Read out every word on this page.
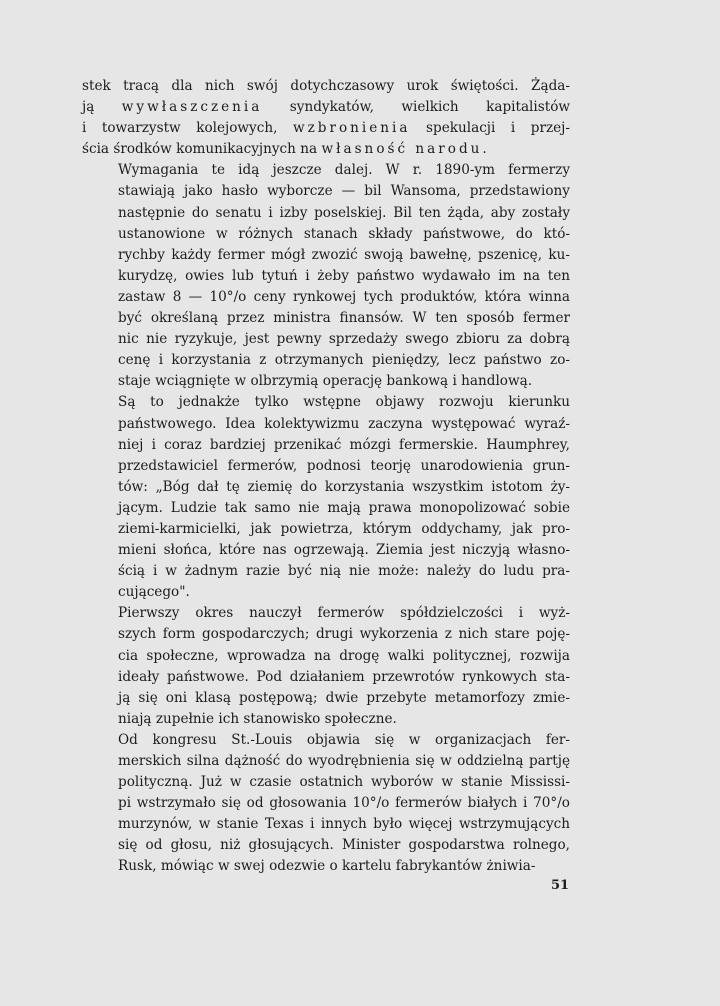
stek tracą dla nich swój dotychczasowy urok świętości. Żąda-
ją wywłaszczenia syndykatów, wielkich kapitalistów
i towarzystw kolejowych, wzbronienia spekulacji i przej-
ścia środków komunikacyjnych na własność narodu.
Wymagania te idą jeszcze dalej. W r. 1890-ym fermerzy
stawiają jako hasło wyborcze — bil Wansoma, przedstawiony
następnie do senatu i izby poselskiej. Bil ten żąda, aby zostały
ustanowione w różnych stanach składy państwowe, do któ-
rychby każdy fermer mógł zwozić swoją bawełnę, pszenicę, ku-
kurydzę, owies lub tytuń i żeby państwo wydawało im na ten
zastaw 8 — 10°/o ceny rynkowej tych produktów, która winna
być określaną przez ministra finansów. W ten sposób fermer
nic nie ryzykuje, jest pewny sprzedaży swego zbioru za dobrą
cenę i korzystania z otrzymanych pieniędzy, lecz państwo zo-
staje wciągnięte w olbrzymią operację bankową i handlową.
Są to jednakże tylko wstępne objawy rozwoju kierunku
państwowego. Idea kolektywizmu zaczyna występować wyraź-
niej i coraz bardziej przenikać mózgi fermerskie. Haumphrey,
przedstawiciel fermerów, podnosi teorję unarodowienia grun-
tów: „Bóg dał tę ziemię do korzystania wszystkim istotom ży-
jącym. Ludzie tak samo nie mają prawa monopolizować sobie
ziemi-karmicielki, jak powietrza, którym oddychamy, jak pro-
mieni słońca, które nas ogrzewają. Ziemia jest niczyją własno-
ścią i w żadnym razie być nią nie może: należy do ludu pra-
cującego".
Pierwszy okres nauczył fermerów spółdzielczości i wyż-
szych form gospodarczych; drugi wykorzenia z nich stare poję-
cia społeczne, wprowadza na drogę walki politycznej, rozwija
ideały państwowe. Pod działaniem przewrotów rynkowych sta-
ją się oni klasą postępową; dwie przebyte metamorfozy zmie-
niają zupełnie ich stanowisko społeczne.
Od kongresu St.-Louis objawia się w organizacjach fer-
merskich silna dążność do wyodrębnienia się w oddzielną partję
polityczną. Już w czasie ostatnich wyborów w stanie Mississi-
pi wstrzymało się od głosowania 10°/o fermerów białych i 70°/o
murzynów, w stanie Texas i innych było więcej wstrzymujących
się od głosu, niż głosujących. Minister gospodarstwa rolnego,
Rusk, mówiąc w swej odezwie o kartelu fabrykantów żniwia-
51
